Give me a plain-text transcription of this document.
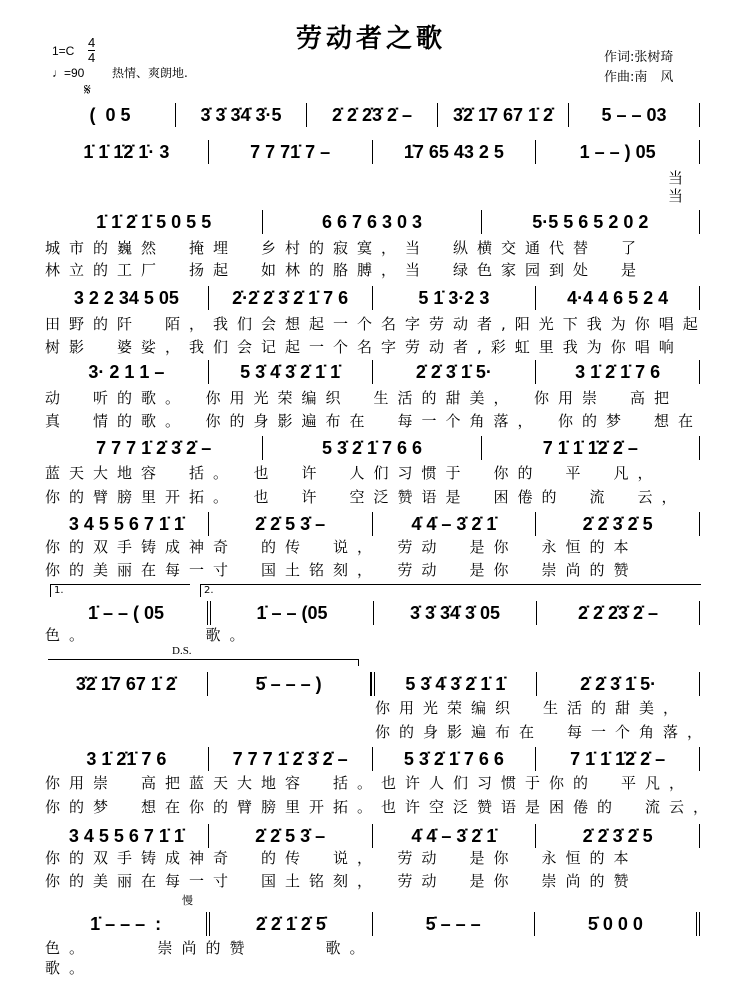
劳动者之歌
1=C
4
4
♩=90 热情、爽朗地.
𝄋
作词:张树琦
作曲:南　风
当
当
1.	2.
D.S.
慢
(  0 5	3̇ 3̇ 3̇4̇ 3̇·5	2̇ 2̇ 2̇3̇ 2̇ –	3̇2̇ 1̇7 67 1̇ 2̇	5 – – 03
1̇ 1̇ 1̇2̇ 1̇· 3	7 7 71̇ 7 –	1̇7 65 43 2 5	1 – – ) 05
1̇ 1̇ 2̇ 1̇ 5 0 5 5	6 6 7 6 3 0 3	5·5 5 6 5 2 0 2
城市的巍然　掩埋　乡村的寂寞，当　纵横交通代替　了
林立的工厂　扬起　如林的胳膊，当　绿色家园到处　是
3 2 2 34 5 05	2̇·2̇ 2̇ 3̇ 2̇ 1̇ 7 6	5 1̇ 3·2 3	4·4 4 6 5 2 4
田野的阡　陌，我们会想起一个名字劳动者,阳光下我为你唱起
树影　婆娑，我们会记起一个名字劳动者,彩虹里我为你唱响
3· 2 1 1 –	5 3̇ 4̇ 3̇ 2̇ 1̇ 1̇	2̇ 2̇ 3̇ 1̇ 5·	3 1̇ 2̇ 1̇ 7 6
动　听的歌。　你用光荣编织　生活的甜美，　你用崇　高把
真　情的歌。　你的身影遍布在　每一个角落，　你的梦　想在
7 7 7 1̇ 2̇ 3̇ 2̇ –	5 3̇ 2̇ 1̇ 7 6 6	7 1̇ 1̇ 1̇2̇ 2̇ –
蓝天大地容　括。　也　许　人们习惯于　你的　平　凡，
你的臂膀里开拓。　也　许　空泛赞语是　困倦的　流　云，
3 4 5 5 6 7 1̇ 1̇	2̇ 2̇ 5 3̇ –	4̇ 4̇ – 3̇ 2̇ 1̇	2̇ 2̇ 3̇ 2̇ 5
你的双手铸成神奇　的传　说，　劳动　是你　永恒的本
你的美丽在每一寸　国土铭刻，　劳动　是你　崇尚的赞
1̇ – – ( 05	1̇ – – (05	3̇ 3̇ 3̇4̇ 3̇ 05	2̇ 2̇ 2̇3̇ 2̇ –
色。　　　　　歌。
3̇2̇ 1̇7 67 1̇ 2̇	5̇ – – – )	5 3̇ 4̇ 3̇ 2̇ 1̇ 1̇	2̇ 2̇ 3̇ 1̇ 5·
你用光荣编织　生活的甜美，
你的身影遍布在　每一个角落，
3 1̇ 2̇1̇ 7 6	7 7 7 1̇ 2̇ 3̇ 2̇ –	5 3̇ 2̇ 1̇ 7 6 6	7 1̇ 1̇ 1̇2̇ 2̇ –
你用崇　高把蓝天大地容　括。也许人们习惯于你的　平凡，
你的梦　想在你的臂膀里开拓。也许空泛赞语是困倦的　流云，
3 4 5 5 6 7 1̇ 1̇	2̇ 2̇ 5 3̇ –	4̇ 4̇ – 3̇ 2̇ 1̇	2̇ 2̇ 3̇ 2̇ 5
你的双手铸成神奇　的传　说，　劳动　是你　永恒的本
你的美丽在每一寸　国土铭刻，　劳动　是你　崇尚的赞
1̇ – – –  :	2̇ 2̇ 1̇ 2̇ 5̇	5̇ – – –	5̇ 0 0 0
色。　　　崇尚的赞　　　歌。
歌。
